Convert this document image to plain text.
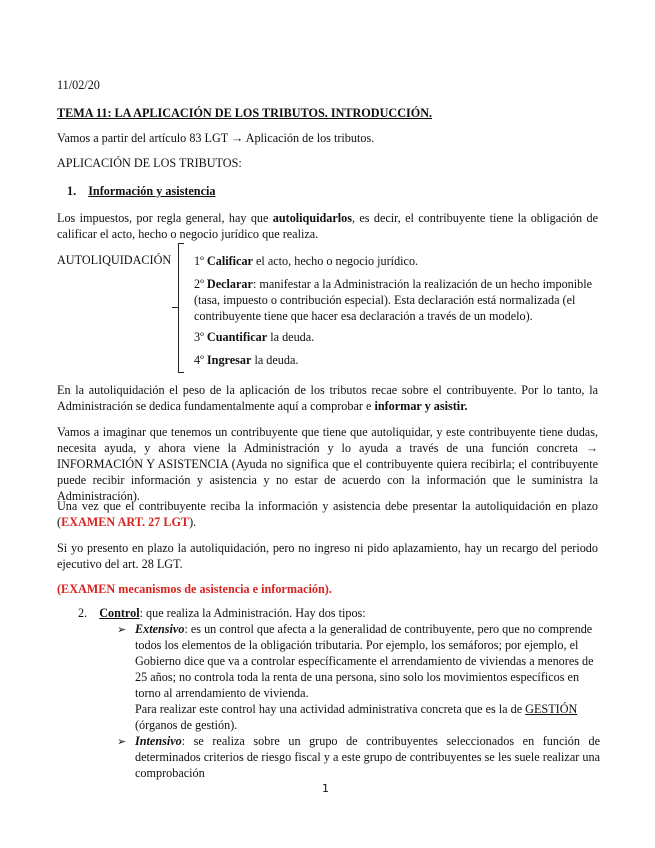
11/02/20
TEMA 11: LA APLICACIÓN DE LOS TRIBUTOS. INTRODUCCIÓN.
Vamos a partir del artículo 83 LGT → Aplicación de los tributos.
APLICACIÓN DE LOS TRIBUTOS:
1. Información y asistencia
Los impuestos, por regla general, hay que autoliquidarlos, es decir, el contribuyente tiene la obligación de calificar el acto, hecho o negocio jurídico que realiza.
AUTOLIQUIDACIÓN 1º Calificar el acto, hecho o negocio jurídico.
2º Declarar: manifestar a la Administración la realización de un hecho imponible (tasa, impuesto o contribución especial). Esta declaración está normalizada (el contribuyente tiene que hacer esa declaración a través de un modelo).
3º Cuantificar la deuda.
4º Ingresar la deuda.
En la autoliquidación el peso de la aplicación de los tributos recae sobre el contribuyente. Por lo tanto, la Administración se dedica fundamentalmente aquí a comprobar e informar y asistir.
Vamos a imaginar que tenemos un contribuyente que tiene que autoliquidar, y este contribuyente tiene dudas, necesita ayuda, y ahora viene la Administración y lo ayuda a través de una función concreta → INFORMACIÓN Y ASISTENCIA (Ayuda no significa que el contribuyente quiera recibirla; el contribuyente puede recibir información y asistencia y no estar de acuerdo con la información que le suministra la Administración).
Una vez que el contribuyente reciba la información y asistencia debe presentar la autoliquidación en plazo (EXAMEN ART. 27 LGT).
Si yo presento en plazo la autoliquidación, pero no ingreso ni pido aplazamiento, hay un recargo del periodo ejecutivo del art. 28 LGT.
(EXAMEN mecanismos de asistencia e información).
2. Control: que realiza la Administración. Hay dos tipos:
➢ Extensivo: es un control que afecta a la generalidad de contribuyente, pero que no comprende todos los elementos de la obligación tributaria. Por ejemplo, los semáforos; por ejemplo, el Gobierno dice que va a controlar específicamente el arrendamiento de viviendas a menores de 25 años; no controla toda la renta de una persona, sino solo los movimientos específicos en torno al arrendamiento de vivienda.
Para realizar este control hay una actividad administrativa concreta que es la de GESTIÓN (órganos de gestión).
➢ Intensivo: se realiza sobre un grupo de contribuyentes seleccionados en función de determinados criterios de riesgo fiscal y a este grupo de contribuyentes se les suele realizar una comprobación
1
